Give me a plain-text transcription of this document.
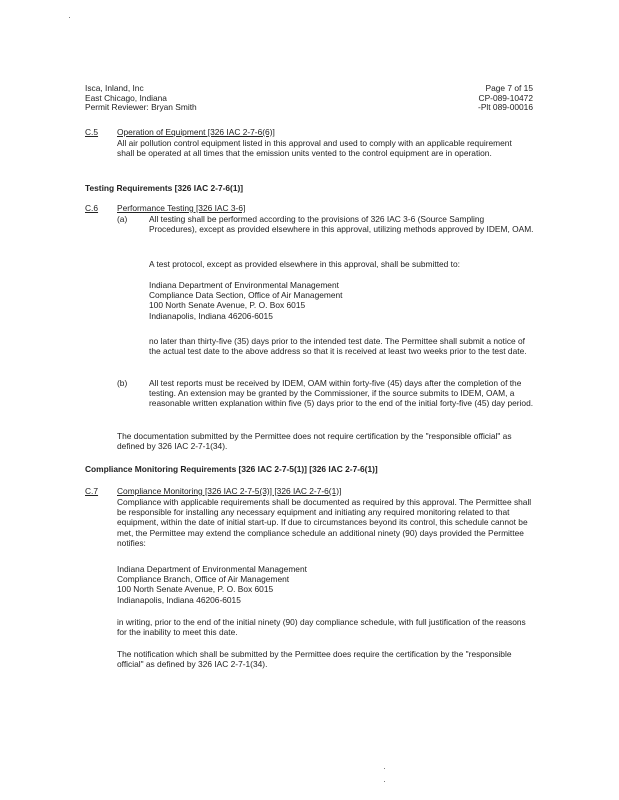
·
Isca, Inland, Inc
East Chicago, Indiana
Permit Reviewer: Bryan Smith
Page 7 of 15
CP-089-10472
-Plt 089-00016
C.5 Operation of Equipment [326 IAC 2-7-6(6)]
All air pollution control equipment listed in this approval and used to comply with an applicable requirement shall be operated at all times that the emission units vented to the control equipment are in operation.
Testing Requirements [326 IAC 2-7-6(1)]
C.6 Performance Testing [326 IAC 3-6]
(a)	All testing shall be performed according to the provisions of 326 IAC 3-6 (Source Sampling Procedures), except as provided elsewhere in this approval, utilizing methods approved by IDEM, OAM.
A test protocol, except as provided elsewhere in this approval, shall be submitted to:
Indiana Department of Environmental Management
Compliance Data Section, Office of Air Management
100 North Senate Avenue, P. O. Box 6015
Indianapolis, Indiana 46206-6015
no later than thirty-five (35) days prior to the intended test date. The Permittee shall submit a notice of the actual test date to the above address so that it is received at least two weeks prior to the test date.
(b)	All test reports must be received by IDEM, OAM within forty-five (45) days after the completion of the testing. An extension may be granted by the Commissioner, if the source submits to IDEM, OAM, a reasonable written explanation within five (5) days prior to the end of the initial forty-five (45) day period.
The documentation submitted by the Permittee does not require certification by the "responsible official" as defined by 326 IAC 2-7-1(34).
Compliance Monitoring Requirements [326 IAC 2-7-5(1)] [326 IAC 2-7-6(1)]
C.7 Compliance Monitoring [326 IAC 2-7-5(3)] [326 IAC 2-7-6(1)]
Compliance with applicable requirements shall be documented as required by this approval. The Permittee shall be responsible for installing any necessary equipment and initiating any required monitoring related to that equipment, within the date of initial start-up. If due to circumstances beyond its control, this schedule cannot be met, the Permittee may extend the compliance schedule an additional ninety (90) days provided the Permittee notifies:
Indiana Department of Environmental Management
Compliance Branch, Office of Air Management
100 North Senate Avenue, P. O. Box 6015
Indianapolis, Indiana 46206-6015
in writing, prior to the end of the initial ninety (90) day compliance schedule, with full justification of the reasons for the inability to meet this date.
The notification which shall be submitted by the Permittee does require the certification by the "responsible official" as defined by 326 IAC 2-7-1(34).
·
·
